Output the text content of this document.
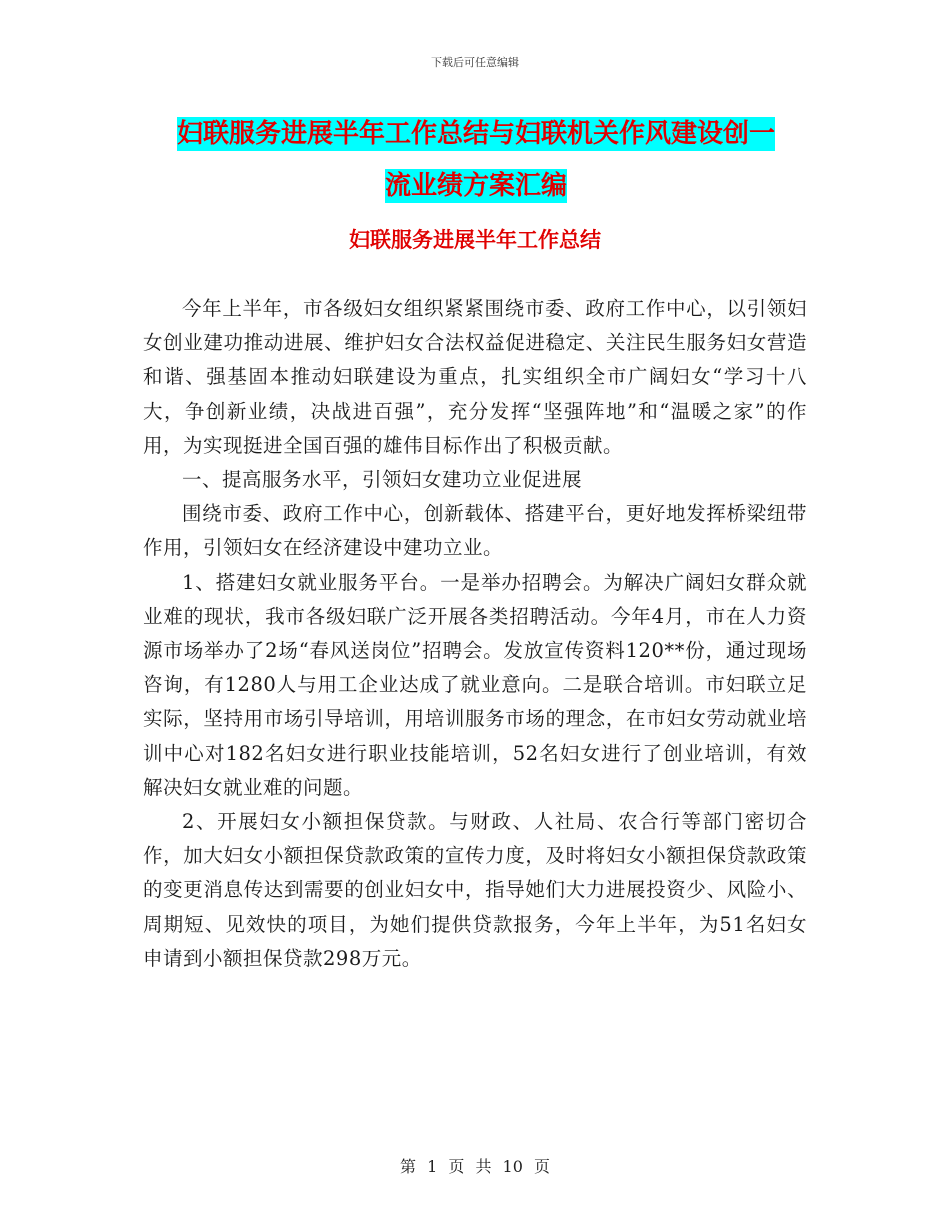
下载后可任意编辑
妇联服务进展半年工作总结与妇联机关作风建设创一
流业绩方案汇编
妇联服务进展半年工作总结

今年上半年，市各级妇女组织紧紧围绕市委、政府工作中心，以引领妇女创业建功推动进展、维护妇女合法权益促进稳定、关注民生服务妇女营造和谐、强基固本推动妇联建设为重点，扎实组织全市广阔妇女“学习十八大，争创新业绩，决战进百强”，充分发挥“坚强阵地”和“温暖之家”的作用，为实现挺进全国百强的雄伟目标作出了积极贡献。

一、提高服务水平，引领妇女建功立业促进展

围绕市委、政府工作中心，创新载体、搭建平台，更好地发挥桥梁纽带作用，引领妇女在经济建设中建功立业。

1、搭建妇女就业服务平台。一是举办招聘会。为解决广阔妇女群众就业难的现状，我市各级妇联广泛开展各类招聘活动。今年4月，市在人力资源市场举办了2场“春风送岗位”招聘会。发放宣传资料120**份，通过现场咨询，有1280人与用工企业达成了就业意向。二是联合培训。市妇联立足实际，坚持用市场引导培训，用培训服务市场的理念，在市妇女劳动就业培训中心对182名妇女进行职业技能培训，52名妇女进行了创业培训，有效解决妇女就业难的问题。

2、开展妇女小额担保贷款。与财政、人社局、农合行等部门密切合作，加大妇女小额担保贷款政策的宣传力度，及时将妇女小额担保贷款政策的变更消息传达到需要的创业妇女中，指导她们大力进展投资少、风险小、周期短、见效快的项目，为她们提供贷款报务，今年上半年，为51名妇女申请到小额担保贷款298万元。

第 1 页 共 10 页
